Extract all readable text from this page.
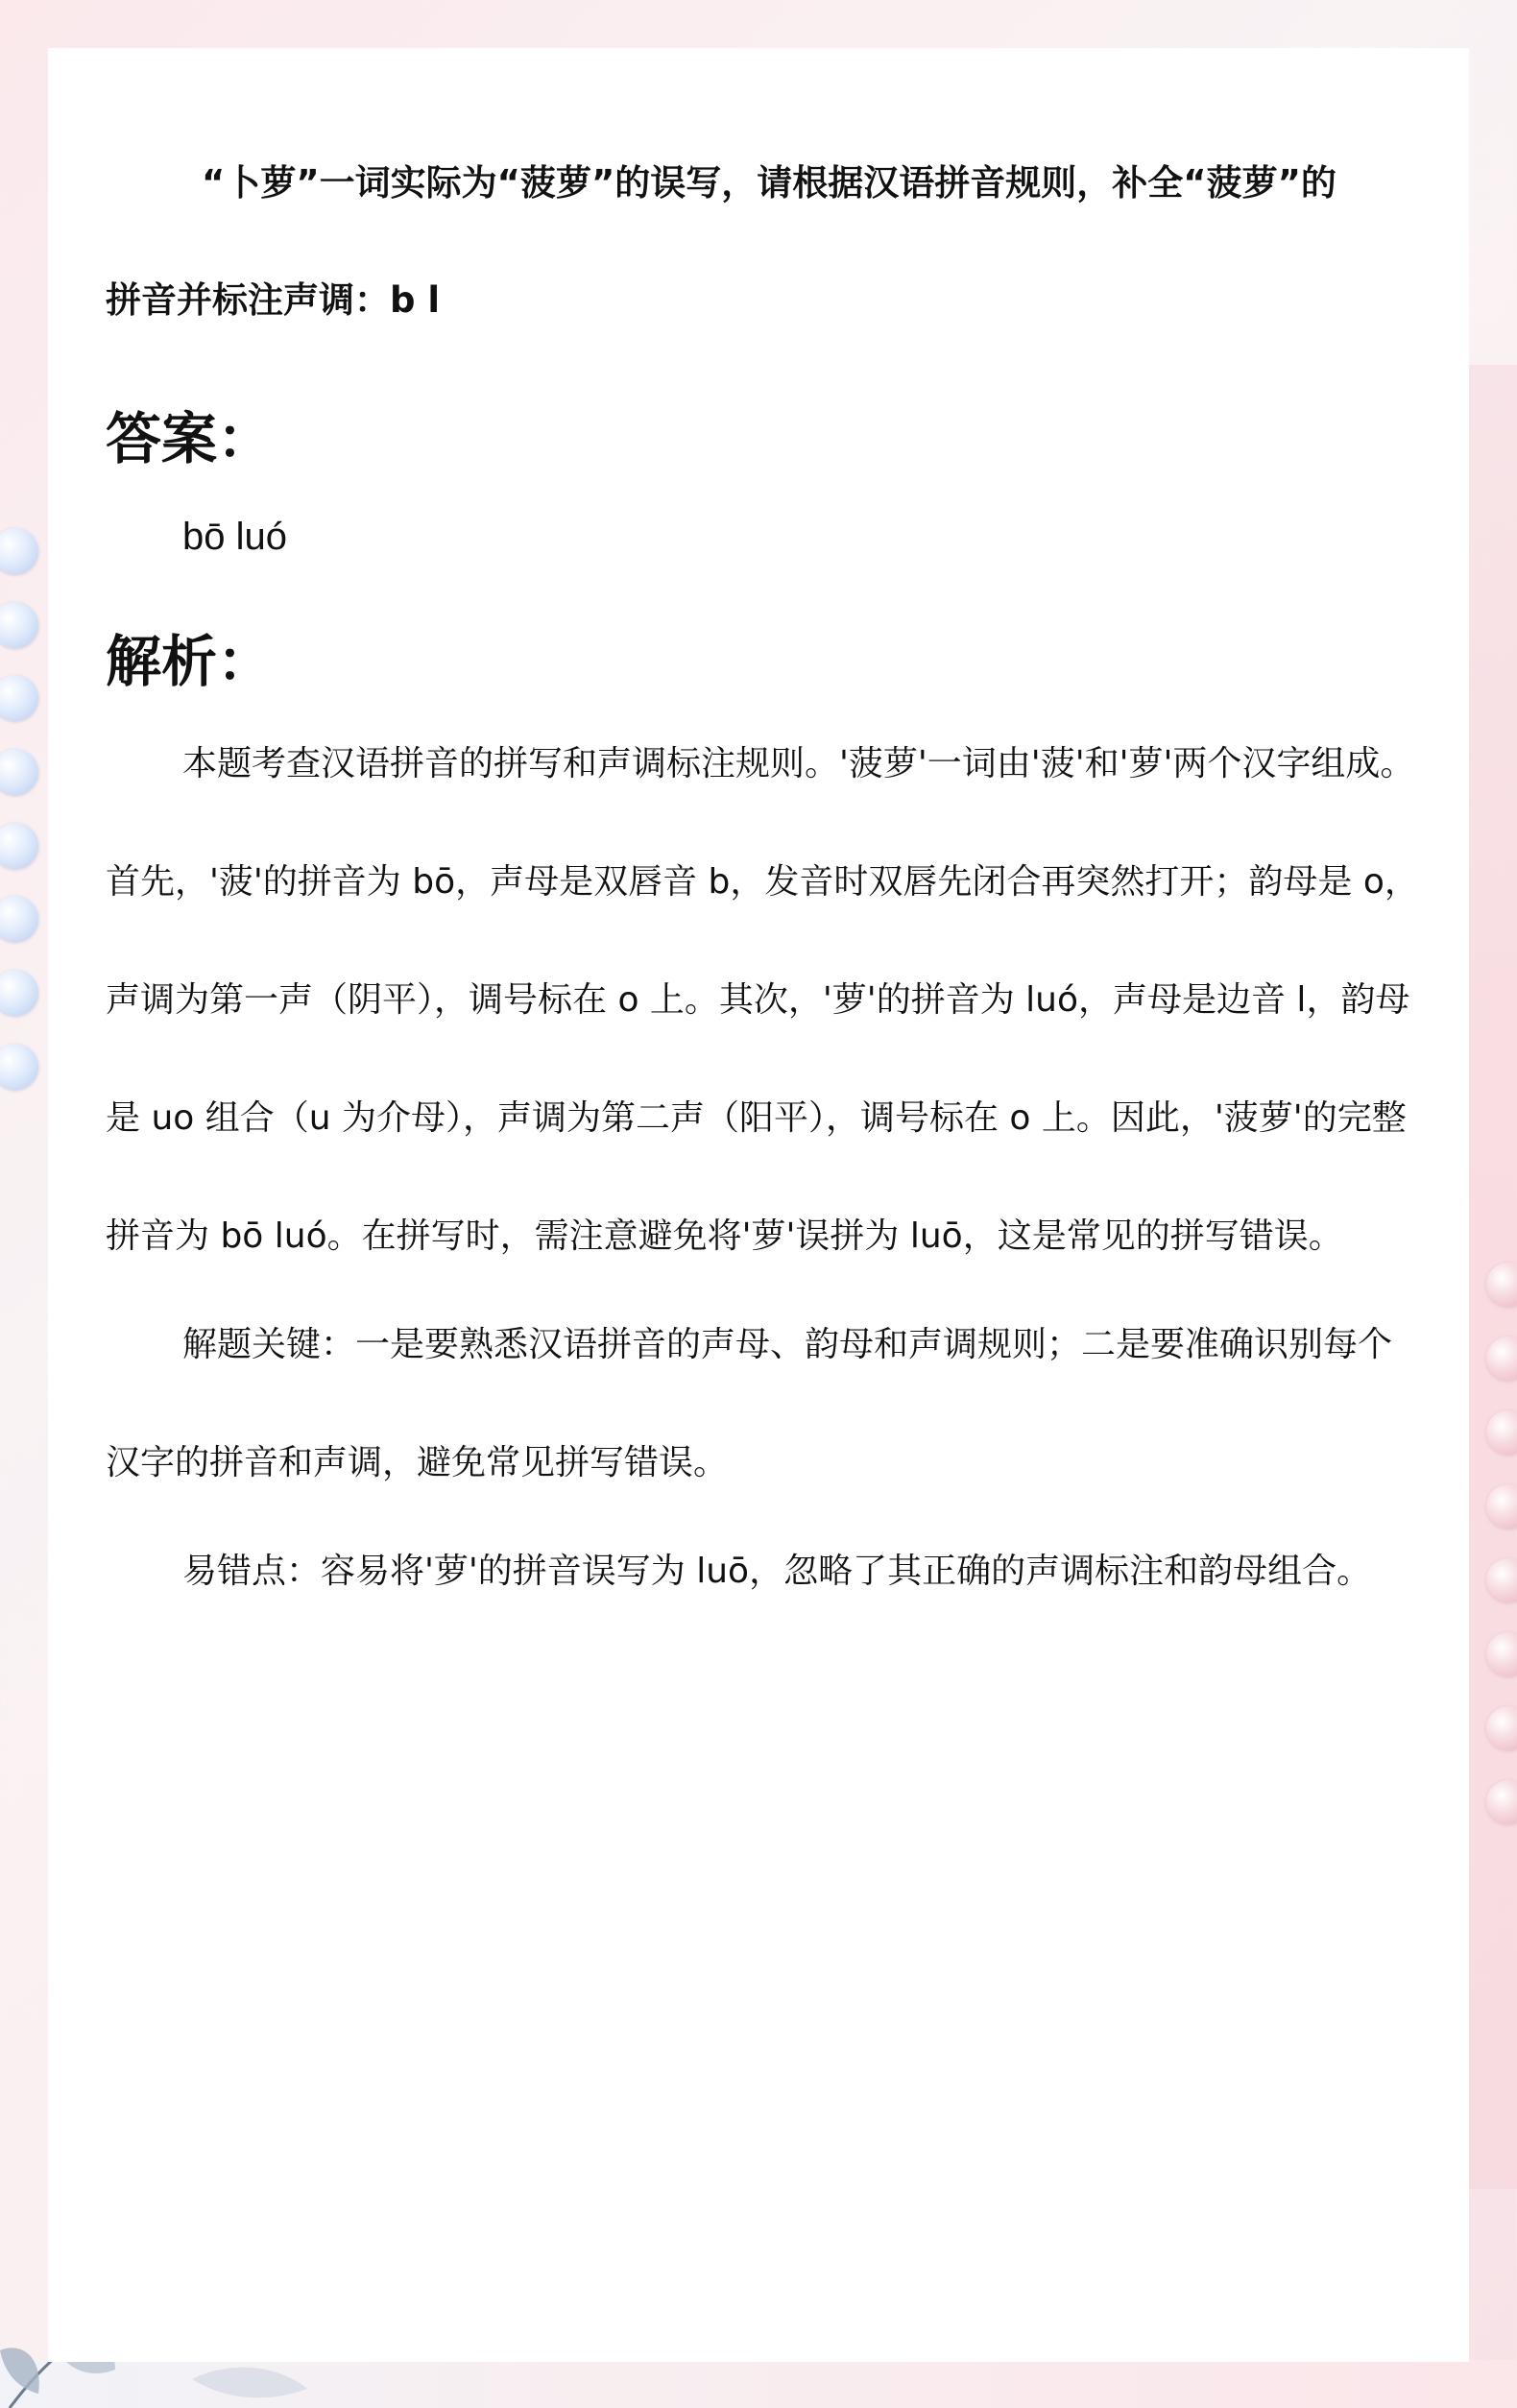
“卜萝”一词实际为“菠萝”的误写，请根据汉语拼音规则，补全“菠萝”的拼音并标注声调：b l

答案：

bō luó

解析：

本题考查汉语拼音的拼写和声调标注规则。'菠萝'一词由'菠'和'萝'两个汉字组成。首先，'菠'的拼音为 bō，声母是双唇音 b，发音时双唇先闭合再突然打开；韵母是 o，声调为第一声（阴平），调号标在 o 上。其次，'萝'的拼音为 luó，声母是边音 l，韵母是 uo 组合（u 为介母），声调为第二声（阳平），调号标在 o 上。因此，'菠萝'的完整拼音为 bō luó。在拼写时，需注意避免将'萝'误拼为 luō，这是常见的拼写错误。

解题关键：一是要熟悉汉语拼音的声母、韵母和声调规则；二是要准确识别每个汉字的拼音和声调，避免常见拼写错误。

易错点：容易将'萝'的拼音误写为 luō，忽略了其正确的声调标注和韵母组合。
